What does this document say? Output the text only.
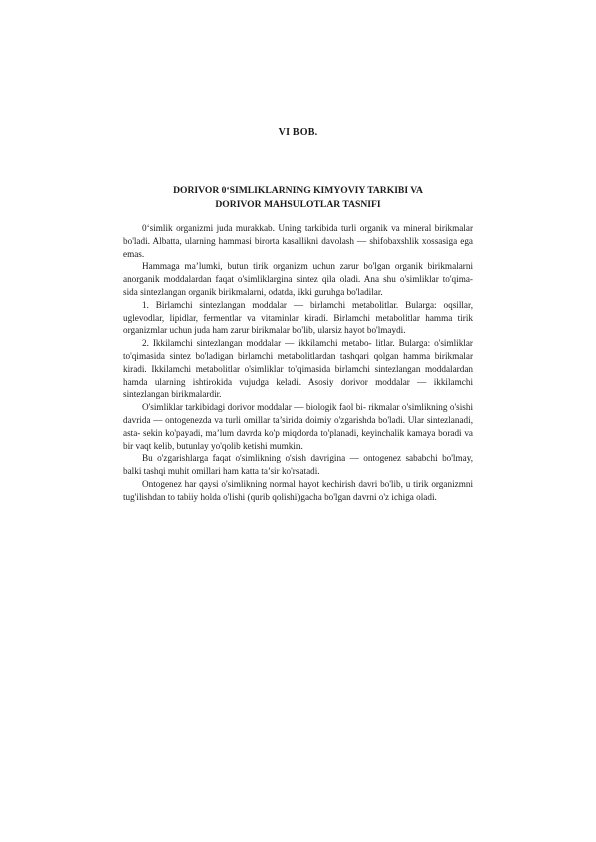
VI BOB.
DORIVOR 0‘SIMLIKLARNING KIMYOVIY TARKIBI VA
DORIVOR MAHSULOTLAR TASNIFI

0‘simlik organizmi juda murakkab. Uning tarkibida turli organik va mineral birikmalar bo'ladi. Albatta, ularning hammasi birorta kasallikni davolash — shifobaxshlik xossasiga ega emas.

Hammaga ma’lumki, butun tirik organizm uchun zarur bo'lgan organik birikmalarni anorganik moddalardan faqat o'simliklargina sintez qila oladi. Ana shu o'simliklar to'qima- sida sintezlangan organik birikmalarni, odatda, ikki guruhga bo'ladilar.

1. Birlamchi sintezlangan moddalar — birlamchi metabolitlar. Bularga: oqsillar, uglevodlar, lipidlar, fermentlar va vitaminlar kiradi. Birlamchi metabolitlar hamma tirik organizmlar uchun juda ham zarur birikmalar bo'lib, ularsiz hayot bo'lmaydi.

2. Ikkilamchi sintezlangan moddalar — ikkilamchi metabo- litlar. Bularga: o'simliklar to'qimasida sintez bo'ladigan birlamchi metabolitlardan tashqari qolgan hamma birikmalar kiradi. Ikkilamchi metabolitlar o'simliklar to'qimasida birlamchi sintezlangan moddalardan hamda ularning ishtirokida vujudga keladi. Asosiy dorivor moddalar — ikkilamchi sintezlangan birikmalardir.

O'simliklar tarkibidagi dorivor moddalar — biologik faol bi- rikmalar o'simlikning o'sishi davrida — ontogenezda va turli omillar ta’sirida doimiy o'zgarishda bo'ladi. Ular sintezlanadi, asta- sekin ko'payadi, ma’lum davrda ko'p miqdorda to'planadi, keyinchalik kamaya boradi va bir vaqt kelib, butunlay yo'qolib ketishi mumkin.

Bu o'zgarishlarga faqat o'simlikning o'sish davrigina — ontogenez sababchi bo'lmay, balki tashqi muhit omillari ham katta ta’sir ko'rsatadi.

Ontogenez har qaysi o'simlikning normal hayot kechirish davri bo'lib, u tirik organizmni tug'ilishdan to tabiiy holda o'lishi (qurib qolishi)gacha bo'lgan davrni o'z ichiga oladi.
